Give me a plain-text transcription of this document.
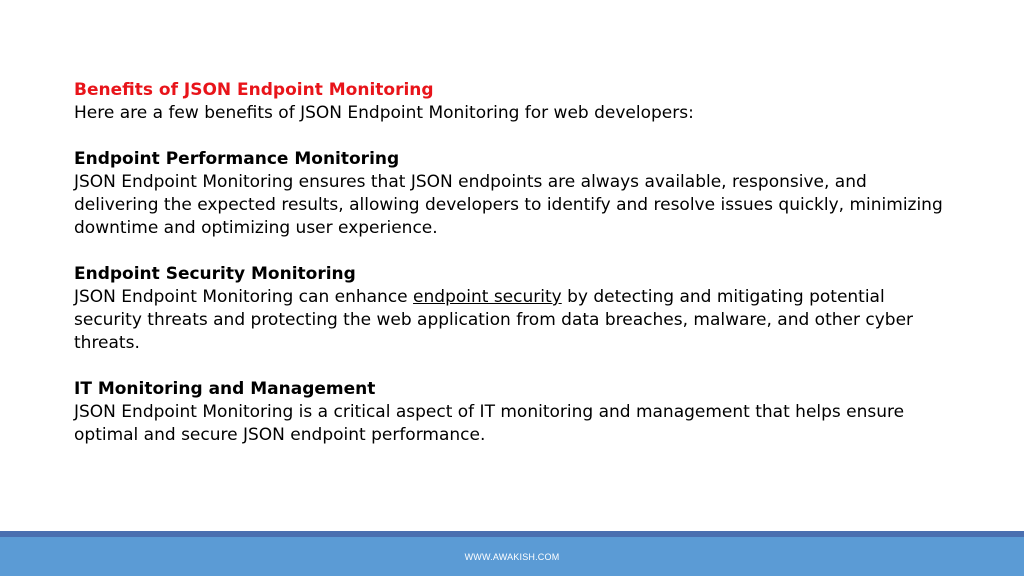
Benefits of JSON Endpoint Monitoring

Here are a few benefits of JSON Endpoint Monitoring for web developers:

Endpoint Performance Monitoring

JSON Endpoint Monitoring ensures that JSON endpoints are always available, responsive, and delivering the expected results, allowing developers to identify and resolve issues quickly, minimizing downtime and optimizing user experience.

Endpoint Security Monitoring

JSON Endpoint Monitoring can enhance endpoint security by detecting and mitigating potential security threats and protecting the web application from data breaches, malware, and other cyber threats.

IT Monitoring and Management

JSON Endpoint Monitoring is a critical aspect of IT monitoring and management that helps ensure optimal and secure JSON endpoint performance.

WWW.AWAKISH.COM
